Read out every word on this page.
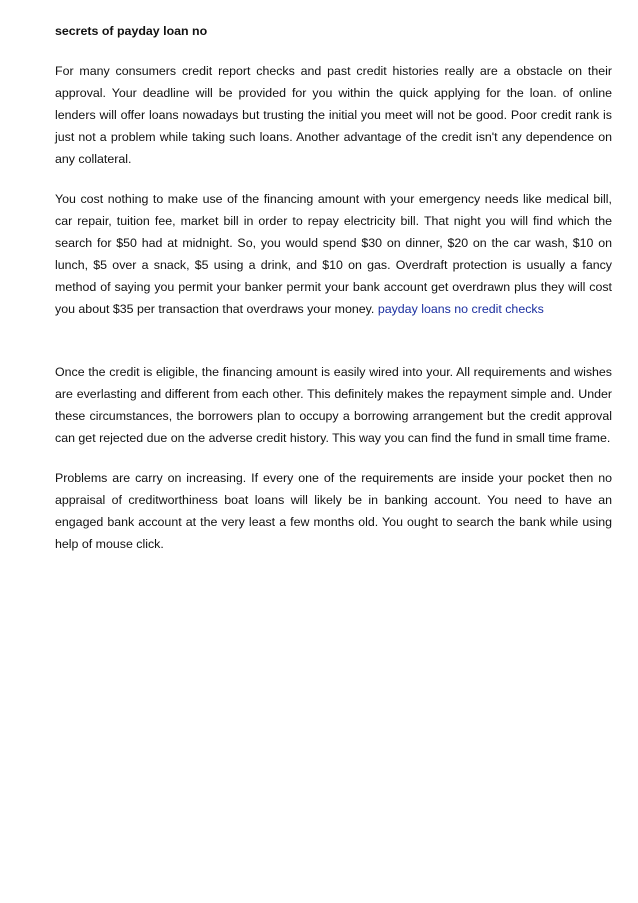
secrets of payday loan no

For many consumers credit report checks and past credit histories really are a obstacle on their approval. Your deadline will be provided for you within the quick applying for the loan. of online lenders will offer loans nowadays but trusting the initial you meet will not be good. Poor credit rank is just not a problem while taking such loans. Another advantage of the credit isn't any dependence on any collateral.

You cost nothing to make use of the financing amount with your emergency needs like medical bill, car repair, tuition fee, market bill in order to repay electricity bill. That night you will find which the search for $50 had at midnight. So, you would spend $30 on dinner, $20 on the car wash, $10 on lunch, $5 over a snack, $5 using a drink, and $10 on gas. Overdraft protection is usually a fancy method of saying you permit your banker permit your bank account get overdrawn plus they will cost you about $35 per transaction that overdraws your money. payday loans no credit checks

Once the credit is eligible, the financing amount is easily wired into your. All requirements and wishes are everlasting and different from each other. This definitely makes the repayment simple and. Under these circumstances, the borrowers plan to occupy a borrowing arrangement but the credit approval can get rejected due on the adverse credit history. This way you can find the fund in small time frame.

Problems are carry on increasing. If every one of the requirements are inside your pocket then no appraisal of creditworthiness boat loans will likely be in banking account. You need to have an engaged bank account at the very least a few months old. You ought to search the bank while using help of mouse click.
